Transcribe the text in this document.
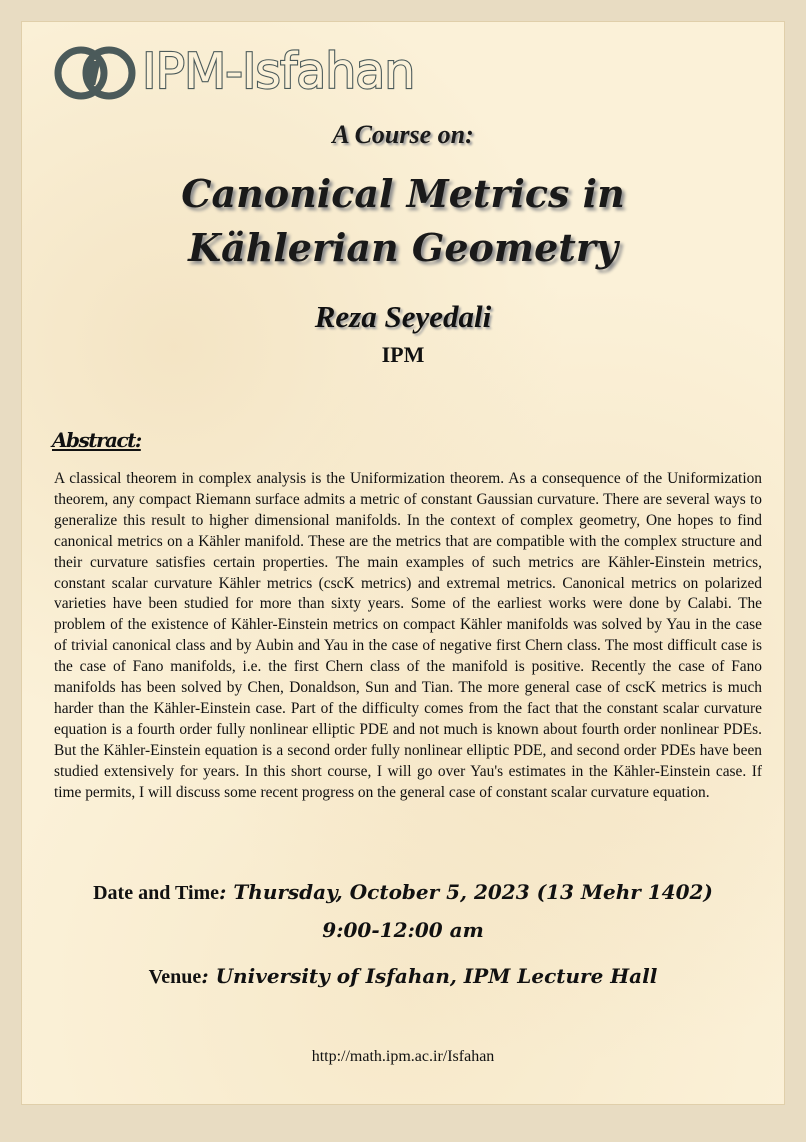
IPM-Isfahan
A Course on:
Canonical Metrics in
Kählerian Geometry
Reza Seyedali
IPM
Abstract:
A classical theorem in complex analysis is the Uniformization theorem. As a consequence of the Uniformization theorem, any compact Riemann surface admits a metric of constant Gaussian curvature. There are several ways to generalize this result to higher dimensional manifolds. In the context of complex geometry, One hopes to find canonical metrics on a Kähler manifold. These are the metrics that are compatible with the complex structure and their curvature satisfies certain properties. The main examples of such metrics are Kähler-Einstein metrics, constant scalar curvature Kähler metrics (cscK metrics) and extremal metrics. Canonical metrics on polarized varieties have been studied for more than sixty years. Some of the earliest works were done by Calabi. The problem of the existence of Kähler-Einstein metrics on compact Kähler manifolds was solved by Yau in the case of trivial canonical class and by Aubin and Yau in the case of negative first Chern class. The most difficult case is the case of Fano manifolds, i.e. the first Chern class of the manifold is positive. Recently the case of Fano manifolds has been solved by Chen, Donaldson, Sun and Tian. The more general case of cscK metrics is much harder than the Kähler-Einstein case. Part of the difficulty comes from the fact that the constant scalar curvature equation is a fourth order fully nonlinear elliptic PDE and not much is known about fourth order nonlinear PDEs. But the Kähler-Einstein equation is a second order fully nonlinear elliptic PDE, and second order PDEs have been studied extensively for years. In this short course, I will go over Yau's estimates in the Kähler-Einstein case. If time permits, I will discuss some recent progress on the general case of constant scalar curvature equation.
Date and Time: Thursday, October 5, 2023 (13 Mehr 1402)
9:00-12:00 am
Venue: University of Isfahan, IPM Lecture Hall
http://math.ipm.ac.ir/Isfahan
